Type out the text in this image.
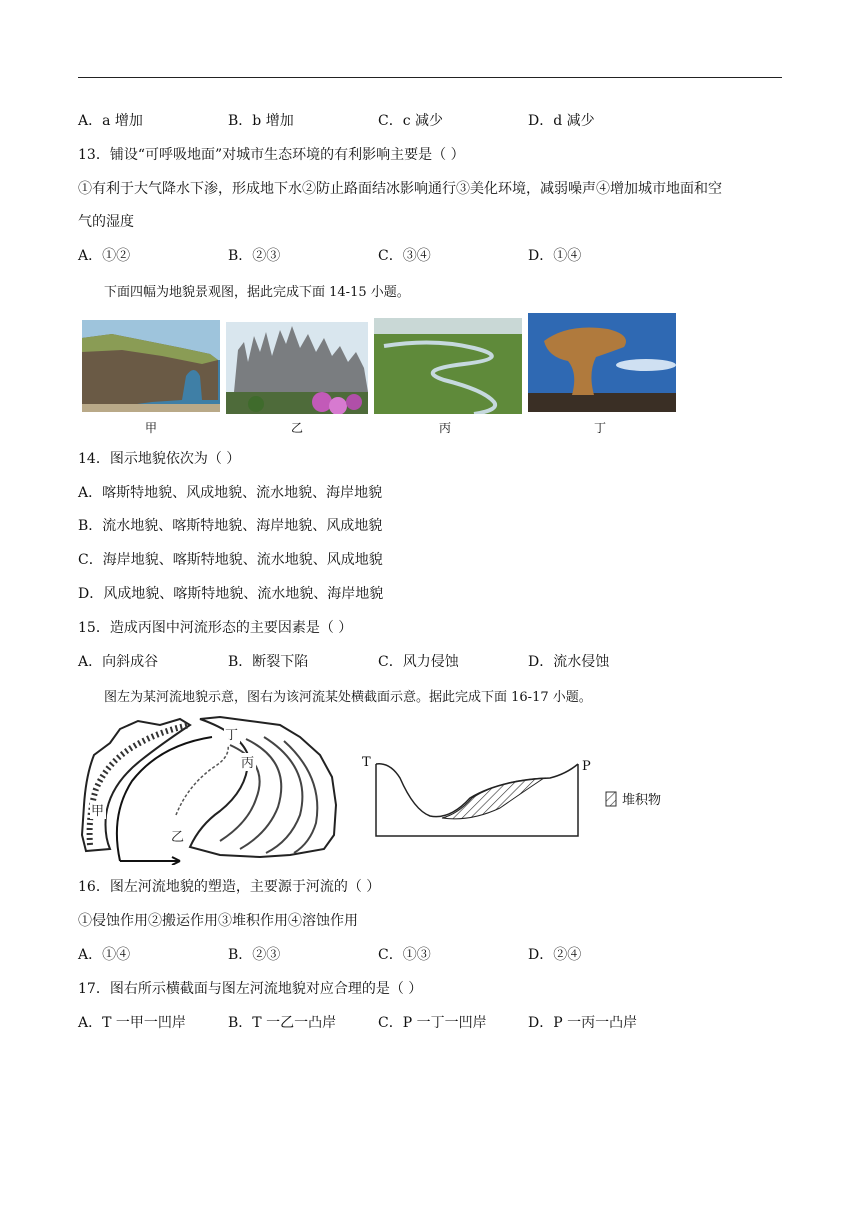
A．a 增加	B．b 增加	C．c 减少	D．d 减少
13．铺设“可呼吸地面”对城市生态环境的有利影响主要是（ ）
①有利于大气降水下渗，形成地下水②防止路面结冰影响通行③美化环境，减弱噪声④增加城市地面和空
气的湿度
A．①②	B．②③	C．③④	D．①④
下面四幅为地貌景观图，据此完成下面 14-15 小题。
甲	乙	丙	丁
14．图示地貌依次为（ ）
A．喀斯特地貌、风成地貌、流水地貌、海岸地貌
B．流水地貌、喀斯特地貌、海岸地貌、风成地貌
C．海岸地貌、喀斯特地貌、流水地貌、风成地貌
D．风成地貌、喀斯特地貌、流水地貌、海岸地貌
15．造成丙图中河流形态的主要因素是（ ）
A．向斜成谷	B．断裂下陷	C．风力侵蚀	D．流水侵蚀
图左为某河流地貌示意，图右为该河流某处横截面示意。据此完成下面 16-17 小题。
丁
丙
甲
乙
T	P
堆积物
16．图左河流地貌的塑造，主要源于河流的（ ）
①侵蚀作用②搬运作用③堆积作用④溶蚀作用
A．①④	B．②③	C．①③	D．②④
17．图右所示横截面与图左河流地貌对应合理的是（ ）
A．T 一甲一凹岸	B．T 一乙一凸岸	C．P 一丁一凹岸	D．P 一丙一凸岸
